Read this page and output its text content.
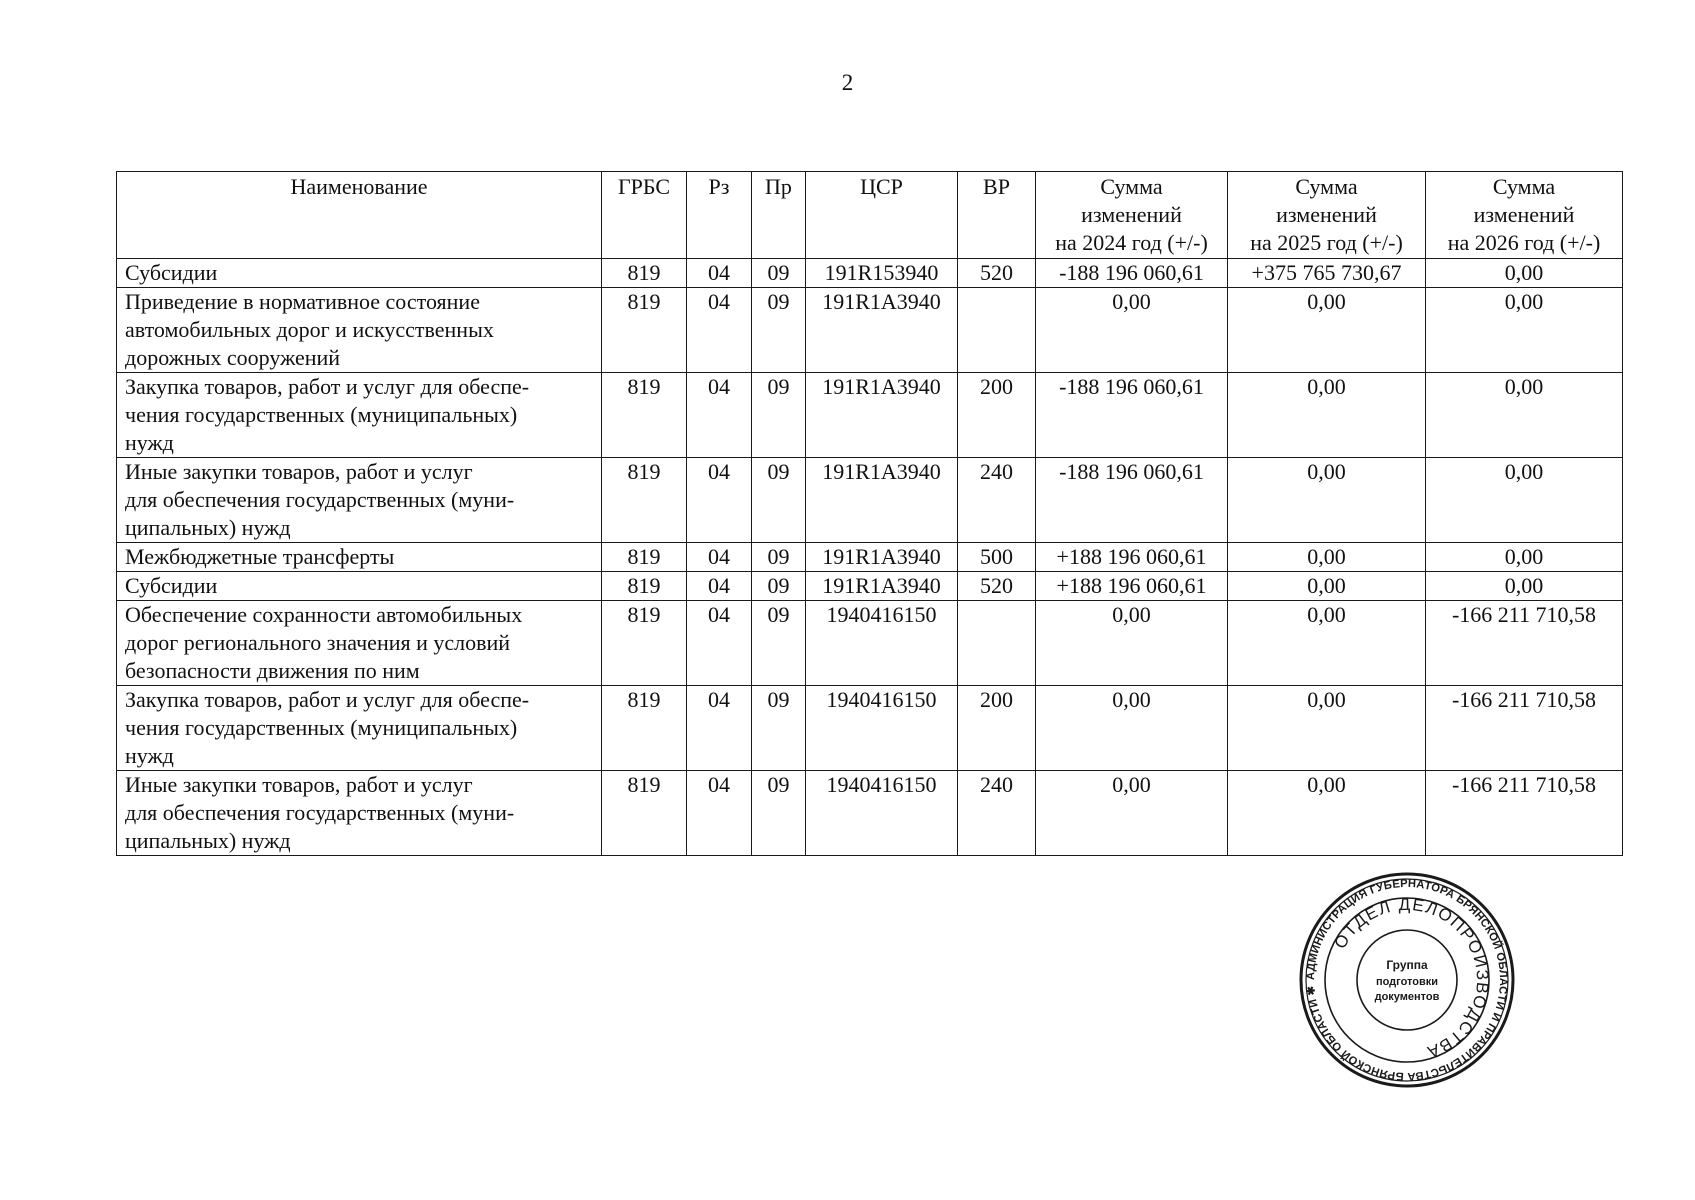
2
Наименование	ГРБС	Рз	Пр	ЦСР	ВР	Сумма
изменений
на 2024 год (+/-)	Сумма
изменений
на 2025 год (+/-)	Сумма
изменений
на 2026 год (+/-)
Субсидии	819	04	09	191R153940	520	-188 196 060,61	+375 765 730,67	0,00
Приведение в нормативное состояние
автомобильных дорог и искусственных
дорожных сооружений	819	04	09	191R1A3940		0,00	0,00	0,00
Закупка товаров, работ и услуг для обеспе-
чения государственных (муниципальных)
нужд	819	04	09	191R1A3940	200	-188 196 060,61	0,00	0,00
Иные закупки товаров, работ и услуг
для обеспечения государственных (муни-
ципальных) нужд	819	04	09	191R1A3940	240	-188 196 060,61	0,00	0,00
Межбюджетные трансферты	819	04	09	191R1A3940	500	+188 196 060,61	0,00	0,00
Субсидии	819	04	09	191R1A3940	520	+188 196 060,61	0,00	0,00
Обеспечение сохранности автомобильных
дорог регионального значения и условий
безопасности движения по ним	819	04	09	1940416150		0,00	0,00	-166 211 710,58
Закупка товаров, работ и услуг для обеспе-
чения государственных (муниципальных)
нужд	819	04	09	1940416150	200	0,00	0,00	-166 211 710,58
Иные закупки товаров, работ и услуг
для обеспечения государственных (муни-
ципальных) нужд	819	04	09	1940416150	240	0,00	0,00	-166 211 710,58
АДМИНИСТРАЦИЯ ГУБЕРНАТОРА БРЯНСКОЙ ОБЛАСТИ И ПРАВИТЕЛЬСТВА БРЯНСКОЙ ОБЛАСТИ ✱
ОТДЕЛ ДЕЛОПРОИЗВОДСТВА
Группа
подготовки
документов
